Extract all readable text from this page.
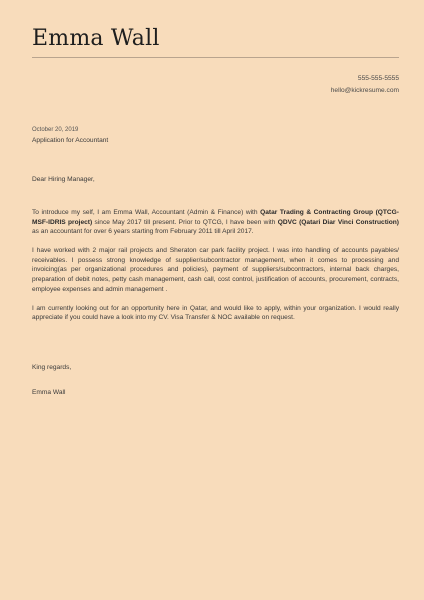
Emma Wall
555-555-5555
hello@kickresume.com
October 20, 2019
Application for Accountant
Dear Hiring Manager,

To introduce my self, I am Emma Wall, Accountant (Admin & Finance) with Qatar Trading & Contracting Group (QTCG-MSF-IDRIS project) since May 2017 till present. Prior to QTCG, I have been with QDVC (Qatari Diar Vinci Construction) as an accountant for over 6 years starting from February 2011 till April 2017.

I have worked with 2 major rail projects and Sheraton car park facility project. I was into handling of accounts payables/ receivables. I possess strong knowledge of supplier/subcontractor management, when it comes to processing and invoicing(as per organizational procedures and policies), payment of suppliers/subcontractors, internal back charges, preparation of debit notes, petty cash management, cash call, cost control, justification of accounts, procurement, contracts, employee expenses and admin management .

I am currently looking out for an opportunity here in Qatar, and would like to apply, within your organization. I would really appreciate if you could have a look into my CV. Visa Transfer & NOC available on request.

King regards,
Emma Wall
